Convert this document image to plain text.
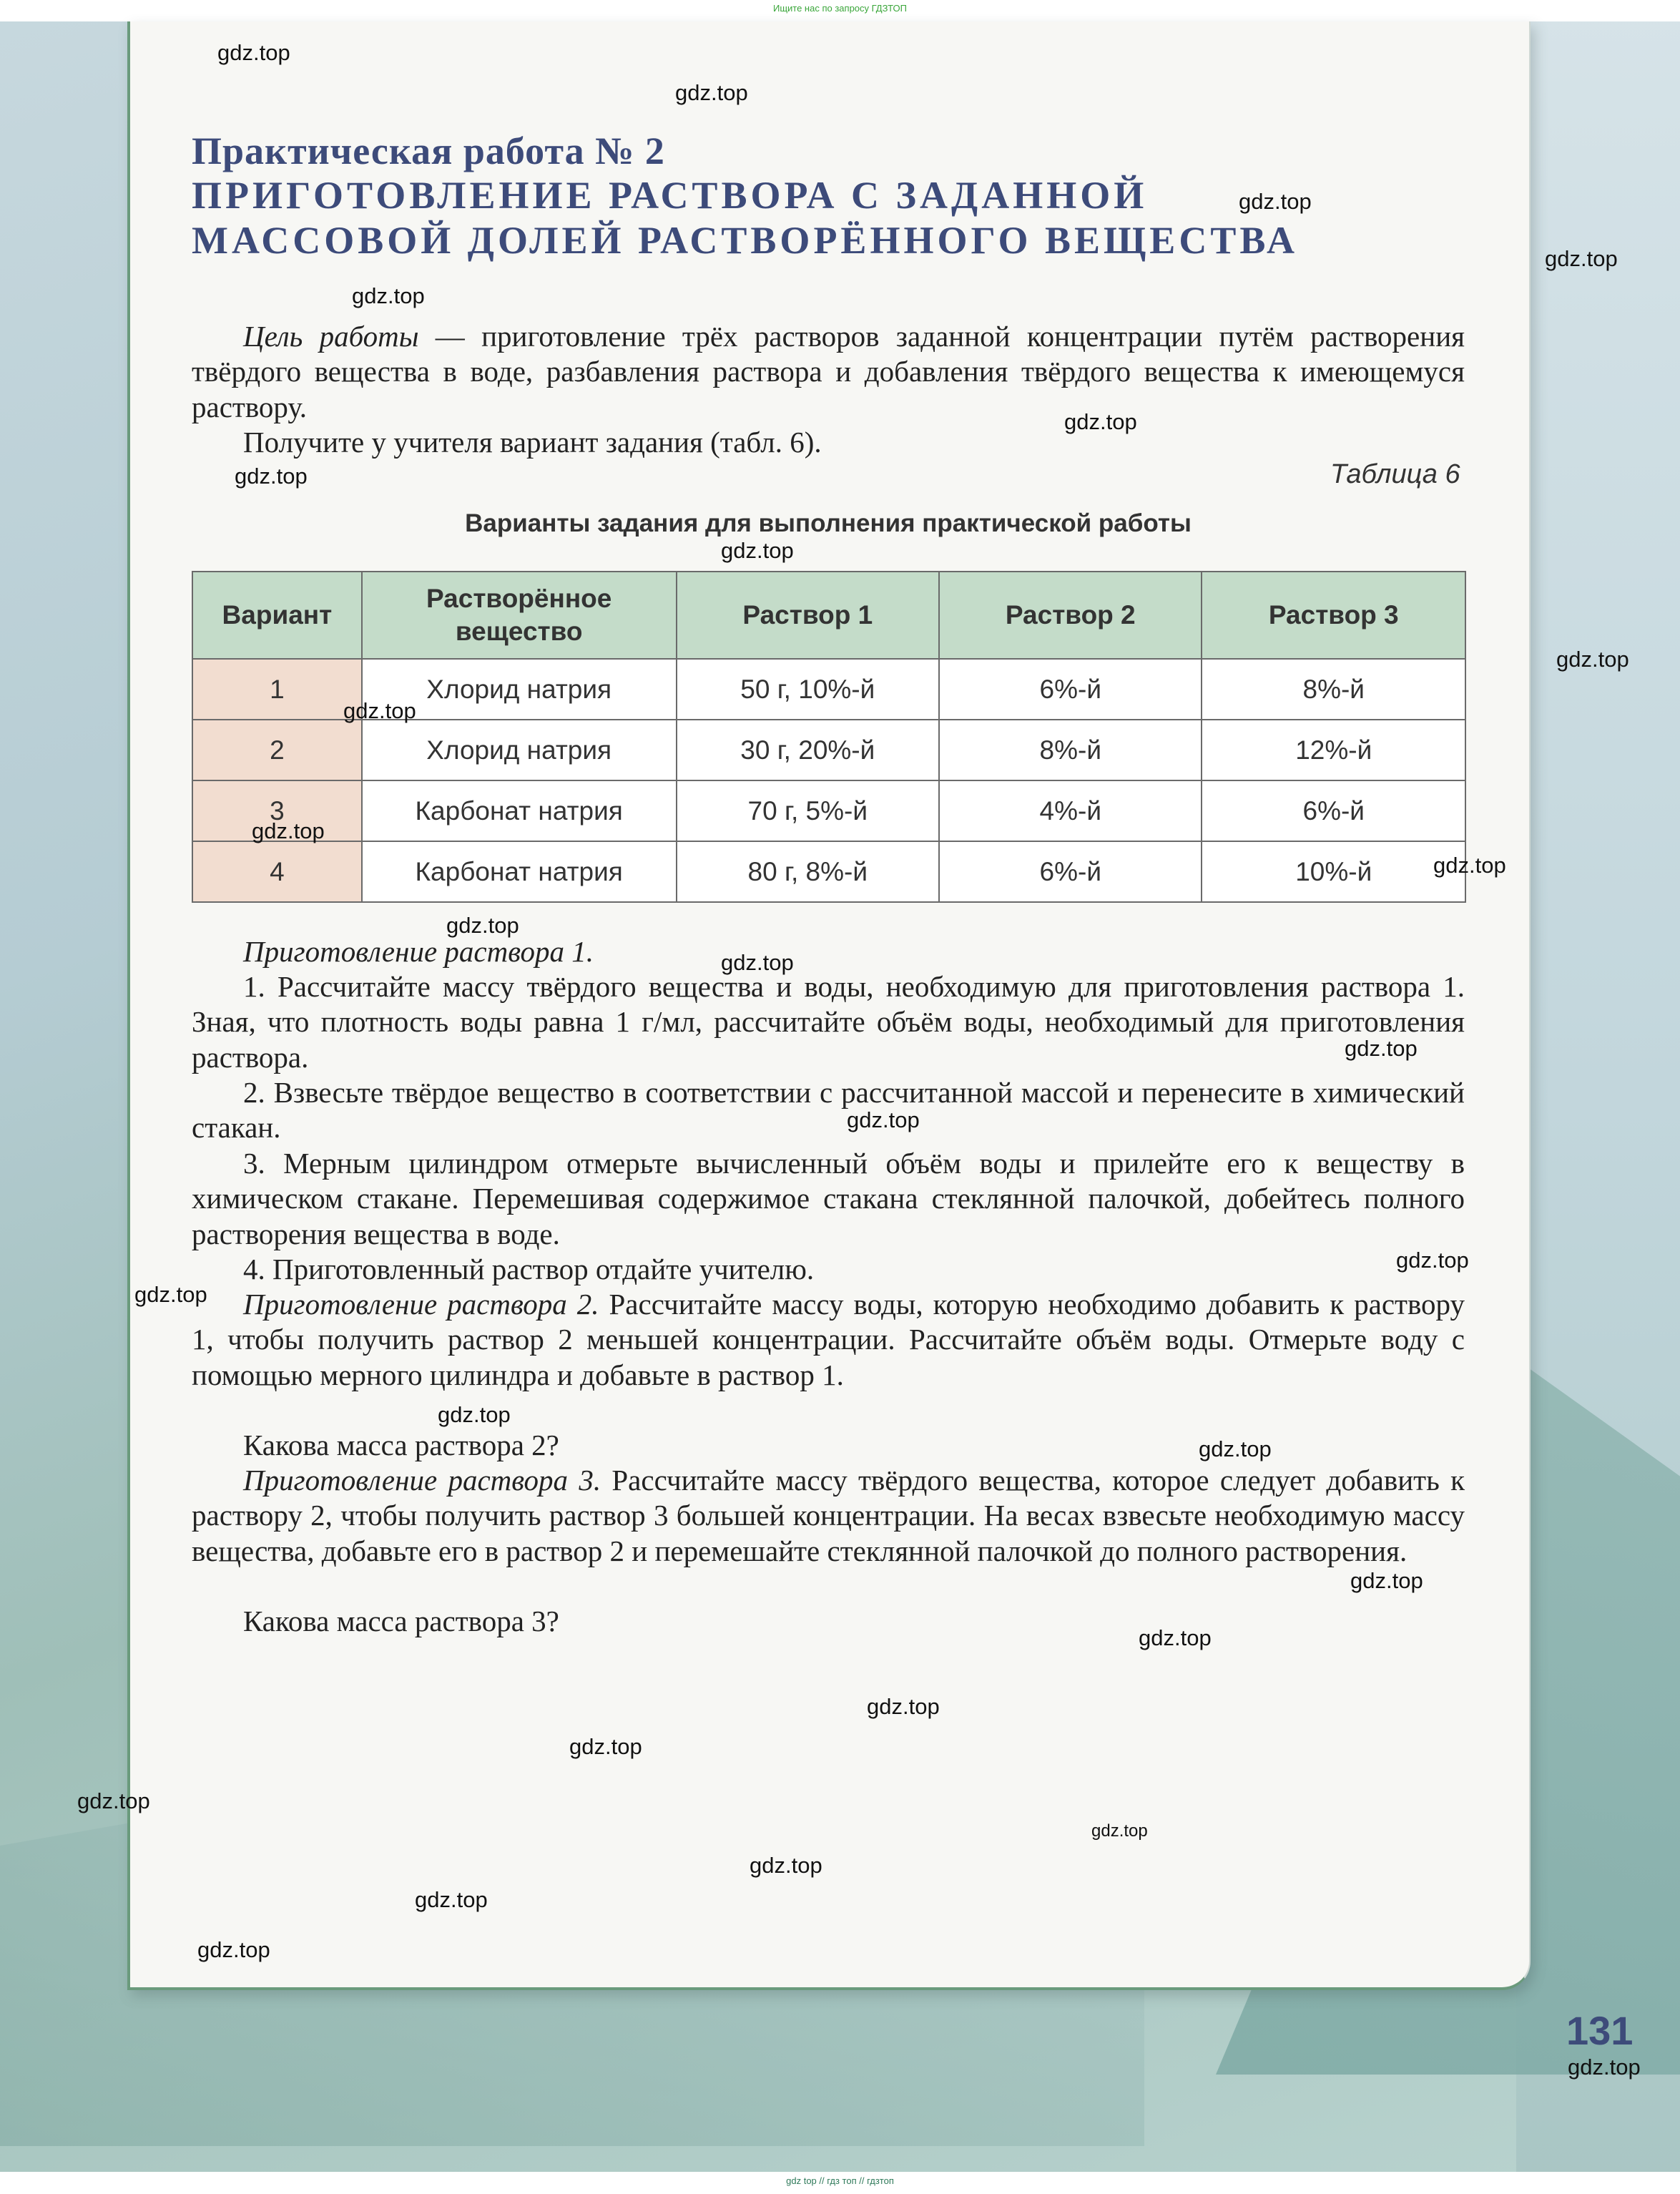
Ищите нас по запросу ГДЗТОП
Практическая работа № 2
ПРИГОТОВЛЕНИЕ РАСТВОРА С ЗАДАННОЙ
МАССОВОЙ ДОЛЕЙ РАСТВОРЁННОГО ВЕЩЕСТВА
Цель работы — приготовление трёх растворов заданной концентрации путём растворения твёрдого вещества в воде, разбавления раствора и добавления твёрдого вещества к имеющемуся раствору.
Получите у учителя вариант задания (табл. 6).
Таблица 6
Варианты задания для выполнения практической работы
Вариант	Растворённое вещество	Раствор 1	Раствор 2	Раствор 3
1	Хлорид натрия	50 г, 10%-й	6%-й	8%-й
2	Хлорид натрия	30 г, 20%-й	8%-й	12%-й
3	Карбонат натрия	70 г, 5%-й	4%-й	6%-й
4	Карбонат натрия	80 г, 8%-й	6%-й	10%-й
Приготовление раствора 1.
1. Рассчитайте массу твёрдого вещества и воды, необходимую для приготовления раствора 1. Зная, что плотность воды равна 1 г/мл, рассчитайте объём воды, необходимый для приготовления раствора.
2. Взвесьте твёрдое вещество в соответствии с рассчитанной массой и перенесите в химический стакан.
3. Мерным цилиндром отмерьте вычисленный объём воды и прилейте его к веществу в химическом стакане. Перемешивая содержимое стакана стеклянной палочкой, добейтесь полного растворения вещества в воде.
4. Приготовленный раствор отдайте учителю.
Приготовление раствора 2. Рассчитайте массу воды, которую необходимо добавить к раствору 1, чтобы получить раствор 2 меньшей концентрации. Рассчитайте объём воды. Отмерьте воду с помощью мерного цилиндра и добавьте в раствор 1.
Какова масса раствора 2?
Приготовление раствора 3. Рассчитайте массу твёрдого вещества, которое следует добавить к раствору 2, чтобы получить раствор 3 большей концентрации. На весах взвесьте необходимую массу вещества, добавьте его в раствор 2 и перемешайте стеклянной палочкой до полного растворения.
Какова масса раствора 3?
131
gdz.top
gdz.top
gdz.top
gdz.top
gdz.top
gdz.top
gdz.top
gdz.top
gdz.top
gdz.top
gdz.top
gdz.top
gdz.top
gdz.top
gdz.top
gdz.top
gdz.top
gdz.top
gdz.top
gdz.top
gdz.top
gdz.top
gdz.top
gdz.top
gdz.top
gdz.top
gdz.top
gdz.top
gdz.top
gdz.top
gdz top // гдз топ // гдзтоп
